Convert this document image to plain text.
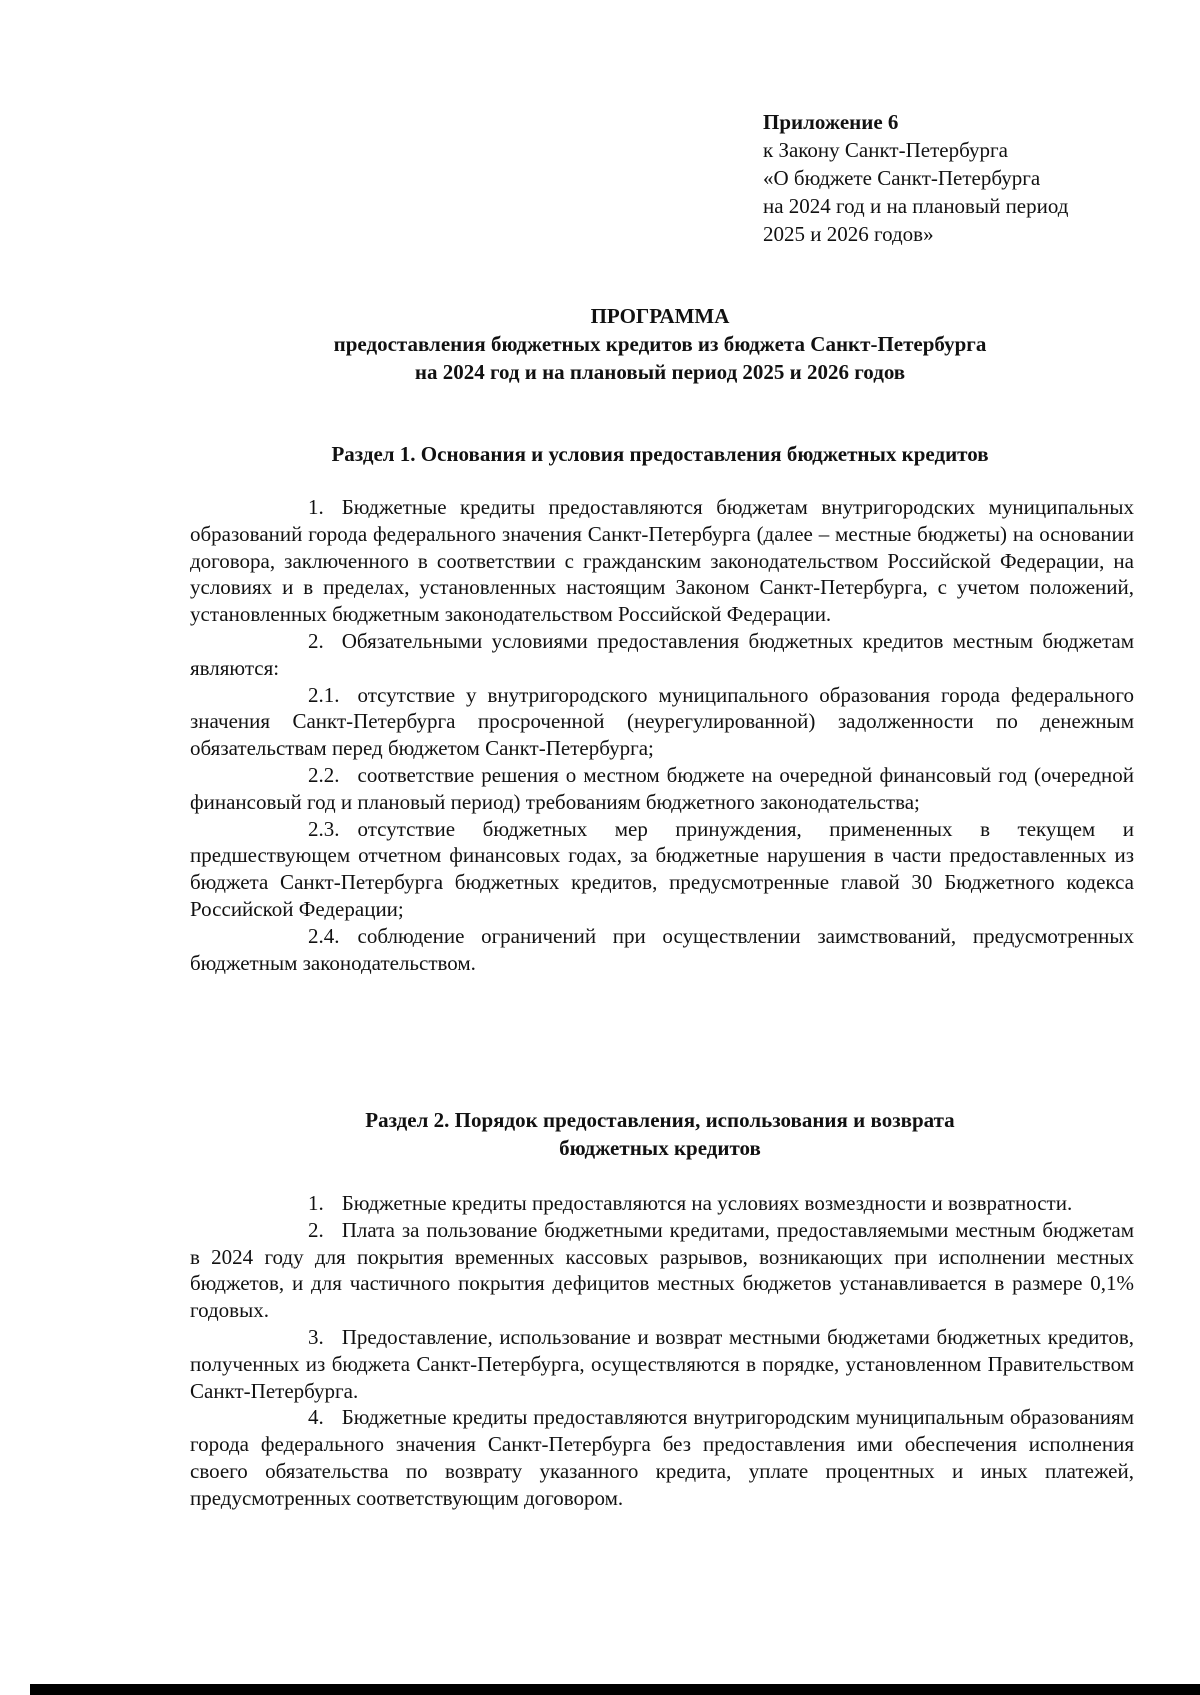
Приложение 6
к Закону Санкт-Петербурга
«О бюджете Санкт-Петербурга
на 2024 год и на плановый период
2025 и 2026 годов»
ПРОГРАММА
предоставления бюджетных кредитов из бюджета Санкт-Петербурга
на 2024 год и на плановый период 2025 и 2026 годов
Раздел 1. Основания и условия предоставления бюджетных кредитов

1. Бюджетные кредиты предоставляются бюджетам внутригородских муниципальных образований города федерального значения Санкт-Петербурга (далее – местные бюджеты) на основании договора, заключенного в соответствии с гражданским законодательством Российской Федерации, на условиях и в пределах, установленных настоящим Законом Санкт-Петербурга, с учетом положений, установленных бюджетным законодательством Российской Федерации.

2. Обязательными условиями предоставления бюджетных кредитов местным бюджетам являются:

2.1. отсутствие у внутригородского муниципального образования города федерального значения Санкт-Петербурга просроченной (неурегулированной) задолженности по денежным обязательствам перед бюджетом Санкт-Петербурга;

2.2. соответствие решения о местном бюджете на очередной финансовый год (очередной финансовый год и плановый период) требованиям бюджетного законодательства;

2.3. отсутствие бюджетных мер принуждения, примененных в текущем и предшествующем отчетном финансовых годах, за бюджетные нарушения в части предоставленных из бюджета Санкт-Петербурга бюджетных кредитов, предусмотренные главой 30 Бюджетного кодекса Российской Федерации;

2.4. соблюдение ограничений при осуществлении заимствований, предусмотренных бюджетным законодательством.

Раздел 2. Порядок предоставления, использования и возврата
бюджетных кредитов

1. Бюджетные кредиты предоставляются на условиях возмездности и возвратности.

2. Плата за пользование бюджетными кредитами, предоставляемыми местным бюджетам в 2024 году для покрытия временных кассовых разрывов, возникающих при исполнении местных бюджетов, и для частичного покрытия дефицитов местных бюджетов устанавливается в размере 0,1% годовых.

3. Предоставление, использование и возврат местными бюджетами бюджетных кредитов, полученных из бюджета Санкт-Петербурга, осуществляются в порядке, установленном Правительством Санкт-Петербурга.

4. Бюджетные кредиты предоставляются внутригородским муниципальным образованиям города федерального значения Санкт-Петербурга без предоставления ими обеспечения исполнения своего обязательства по возврату указанного кредита, уплате процентных и иных платежей, предусмотренных соответствующим договором.
